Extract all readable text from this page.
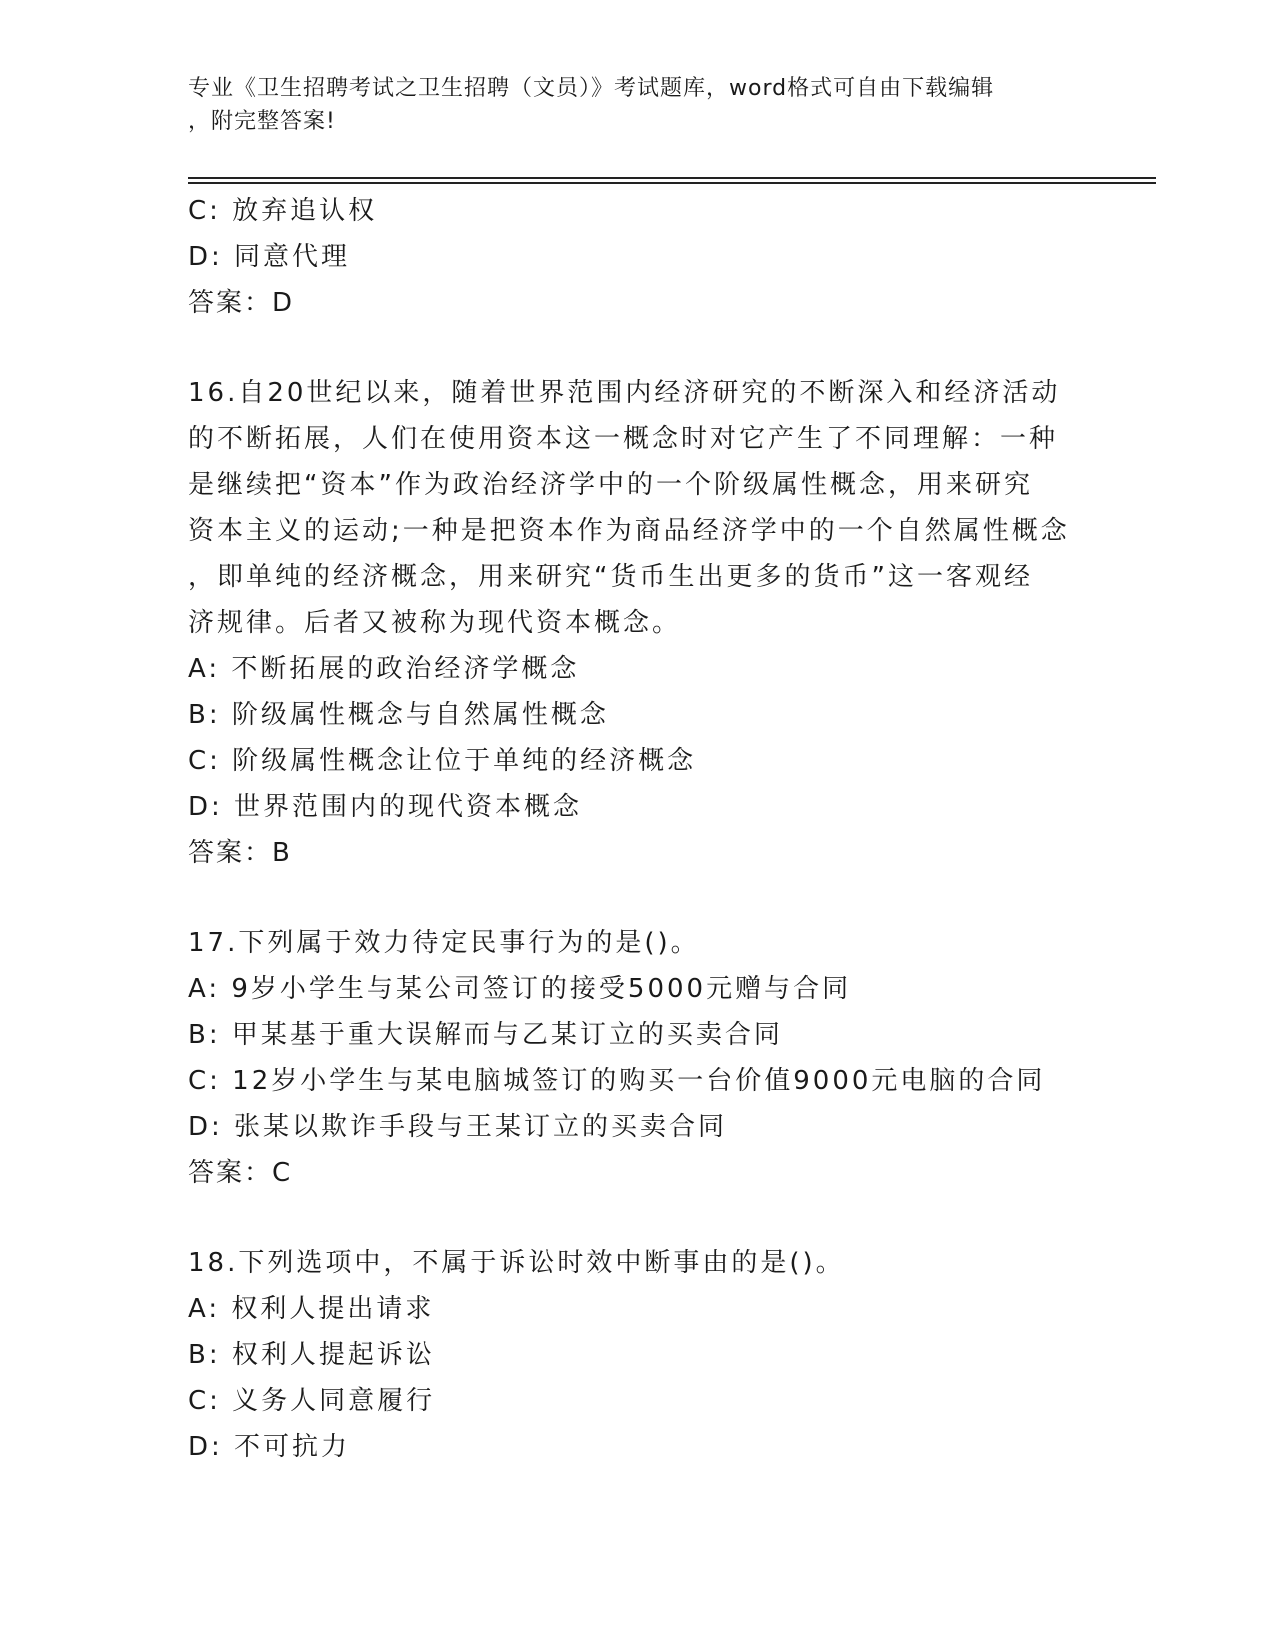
专业《卫生招聘考试之卫生招聘（文员）》考试题库，word格式可自由下载编辑
，附完整答案!
C: 放弃追认权
D: 同意代理
答案：D
16.自20世纪以来，随着世界范围内经济研究的不断深入和经济活动
的不断拓展，人们在使用资本这一概念时对它产生了不同理解：一种
是继续把“资本”作为政治经济学中的一个阶级属性概念，用来研究
资本主义的运动;一种是把资本作为商品经济学中的一个自然属性概念
，即单纯的经济概念，用来研究“货币生出更多的货币”这一客观经
济规律。后者又被称为现代资本概念。
A: 不断拓展的政治经济学概念
B: 阶级属性概念与自然属性概念
C: 阶级属性概念让位于单纯的经济概念
D: 世界范围内的现代资本概念
答案：B
17.下列属于效力待定民事行为的是()。
A: 9岁小学生与某公司签订的接受5000元赠与合同
B: 甲某基于重大误解而与乙某订立的买卖合同
C: 12岁小学生与某电脑城签订的购买一台价值9000元电脑的合同
D: 张某以欺诈手段与王某订立的买卖合同
答案：C
18.下列选项中，不属于诉讼时效中断事由的是()。
A: 权利人提出请求
B: 权利人提起诉讼
C: 义务人同意履行
D: 不可抗力
